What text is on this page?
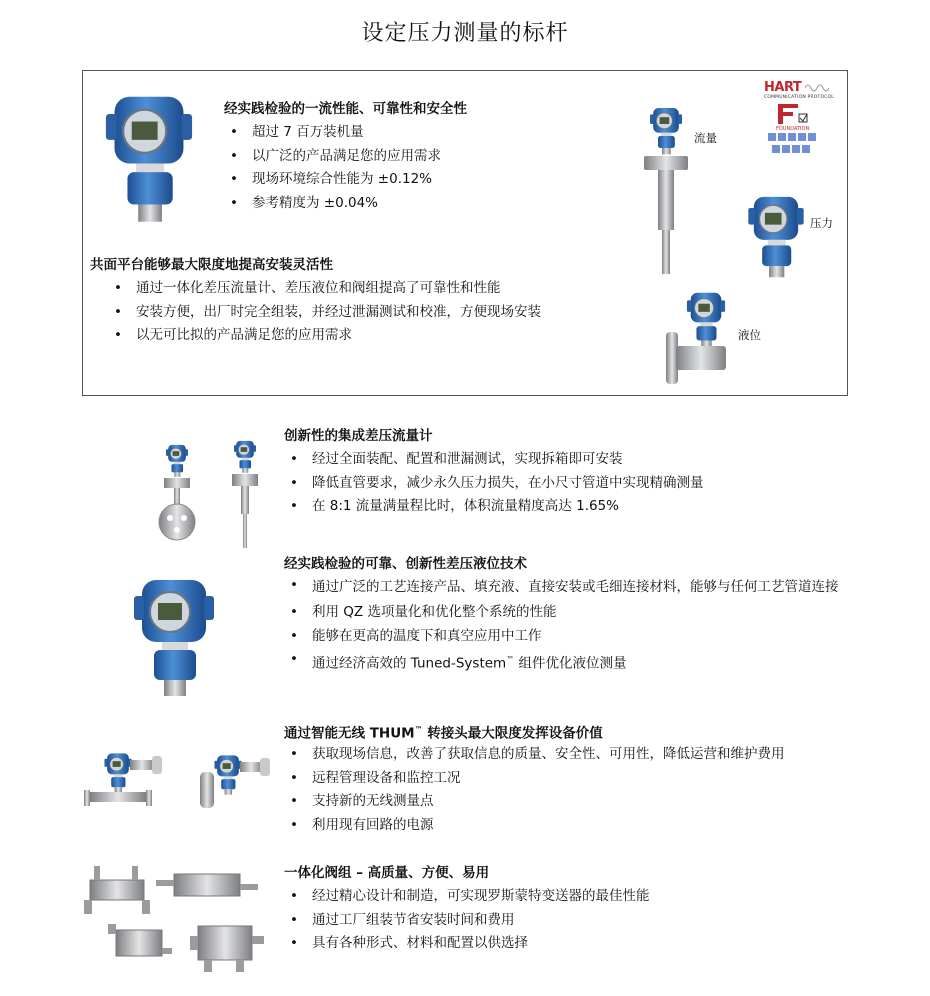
设定压力测量的标杆
经实践检验的一流性能、可靠性和安全性
• 超过 7 百万装机量
• 以广泛的产品满足您的应用需求
• 现场环境综合性能为 ±0.12%
• 参考精度为 ±0.04%
共面平台能够最大限度地提高安装灵活性
• 通过一体化差压流量计、差压液位和阀组提高了可靠性和性能
• 安装方便，出厂时完全组装，并经过泄漏测试和校准，方便现场安装
• 以无可比拟的产品满足您的应用需求
流量
压力
液位
HART
COMMUNICATION PROTOCOL
FOUNDATION
创新性的集成差压流量计
• 经过全面装配、配置和泄漏测试，实现拆箱即可安装
• 降低直管要求，减少永久压力损失，在小尺寸管道中实现精确测量
• 在 8:1 流量满量程比时，体积流量精度高达 1.65%
经实践检验的可靠、创新性差压液位技术
• 通过广泛的工艺连接产品、填充液、直接安装或毛细连接材料，能够与任何工艺管道连接
• 利用 QZ 选项量化和优化整个系统的性能
• 能够在更高的温度下和真空应用中工作
• 通过经济高效的 Tuned-System™ 组件优化液位测量
通过智能无线 THUM™ 转接头最大限度发挥设备价值
• 获取现场信息，改善了获取信息的质量、安全性、可用性，降低运营和维护费用
• 远程管理设备和监控工况
• 支持新的无线测量点
• 利用现有回路的电源
一体化阀组 – 高质量、方便、易用
• 经过精心设计和制造，可实现罗斯蒙特变送器的最佳性能
• 通过工厂组装节省安装时间和费用
• 具有各种形式、材料和配置以供选择
